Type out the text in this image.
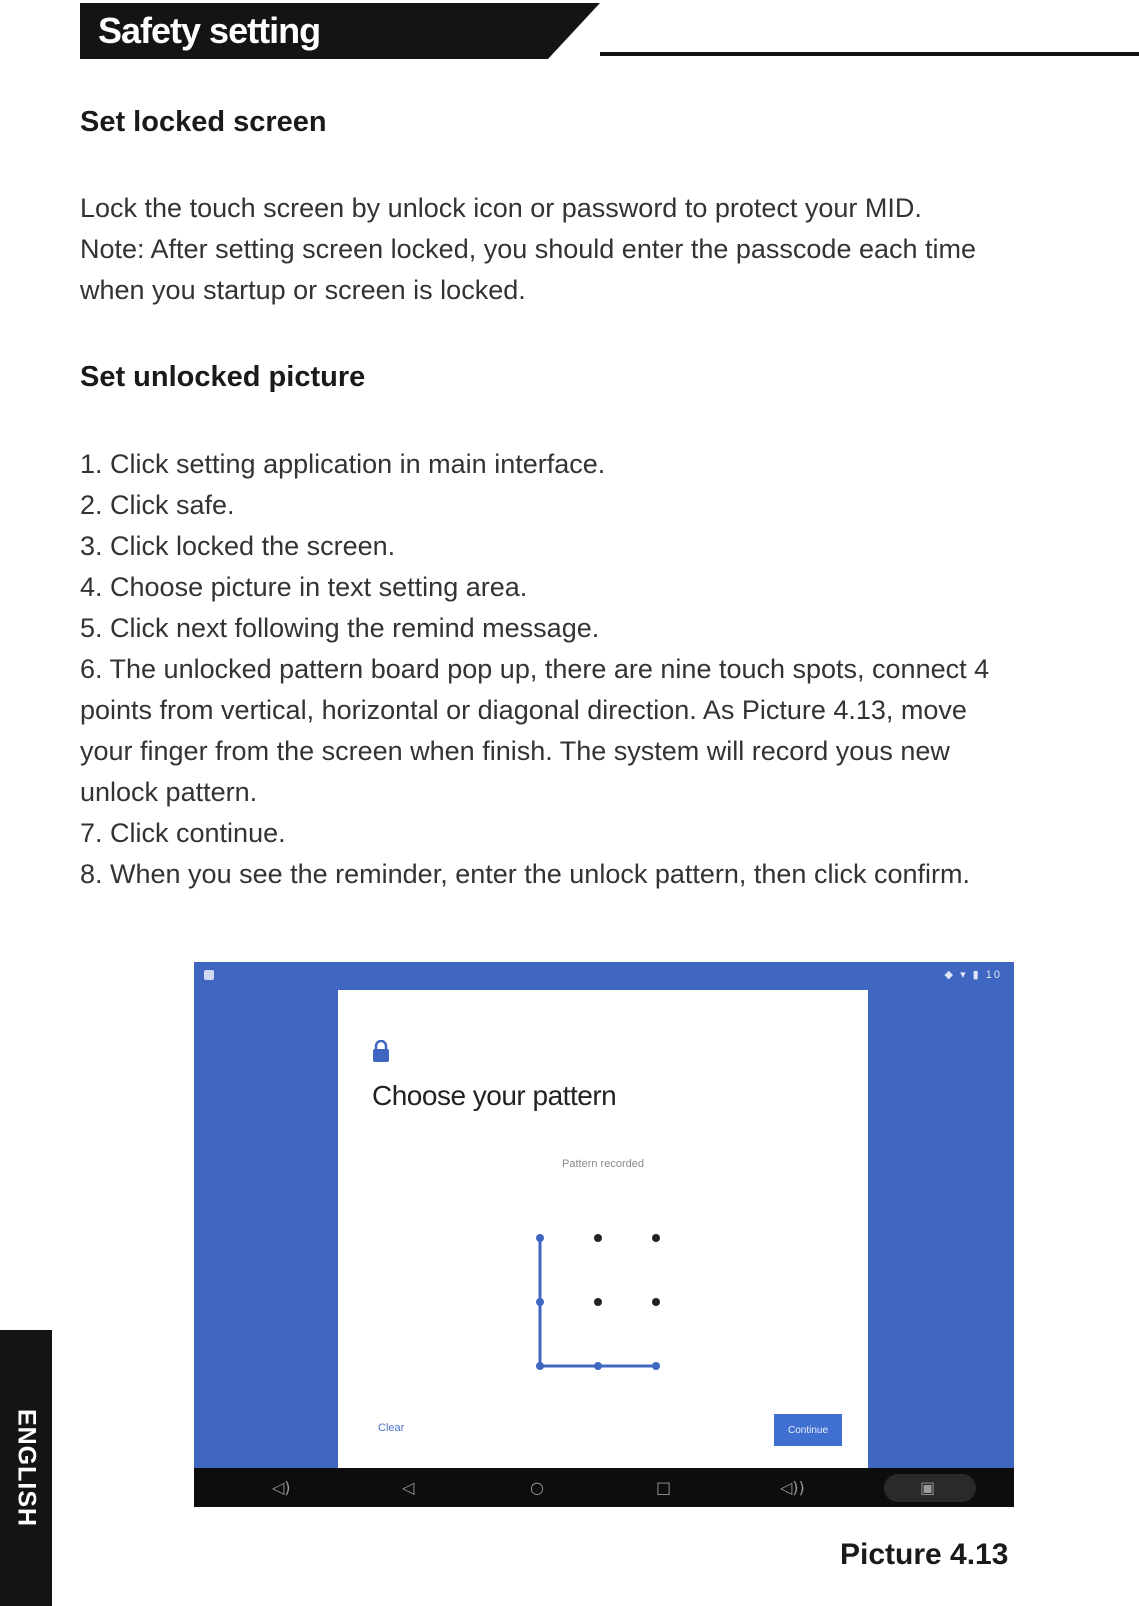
Safety setting
Set locked screen
Lock the touch screen by unlock icon or password to protect your MID.
Note: After setting screen locked, you should enter the passcode each time
when you startup or screen is locked.
Set unlocked picture
1. Click setting application in main interface.
2. Click safe.
3. Click locked the screen.
4. Choose picture in text setting area.
5. Click next following the remind message.
6. The unlocked pattern board pop up, there are nine touch spots, connect 4
points from vertical, horizontal or diagonal direction. As Picture 4.13, move
your finger from the screen when finish. The system will record yous new
unlock pattern.
7. Click continue.
8. When you see the reminder, enter the unlock pattern, then click confirm.
◆ ▾ ▮ 10
Choose your pattern
Pattern recorded
Clear	Continue
◁)	◁	○	□	◁))	▣
Picture 4.13
ENGLISH
